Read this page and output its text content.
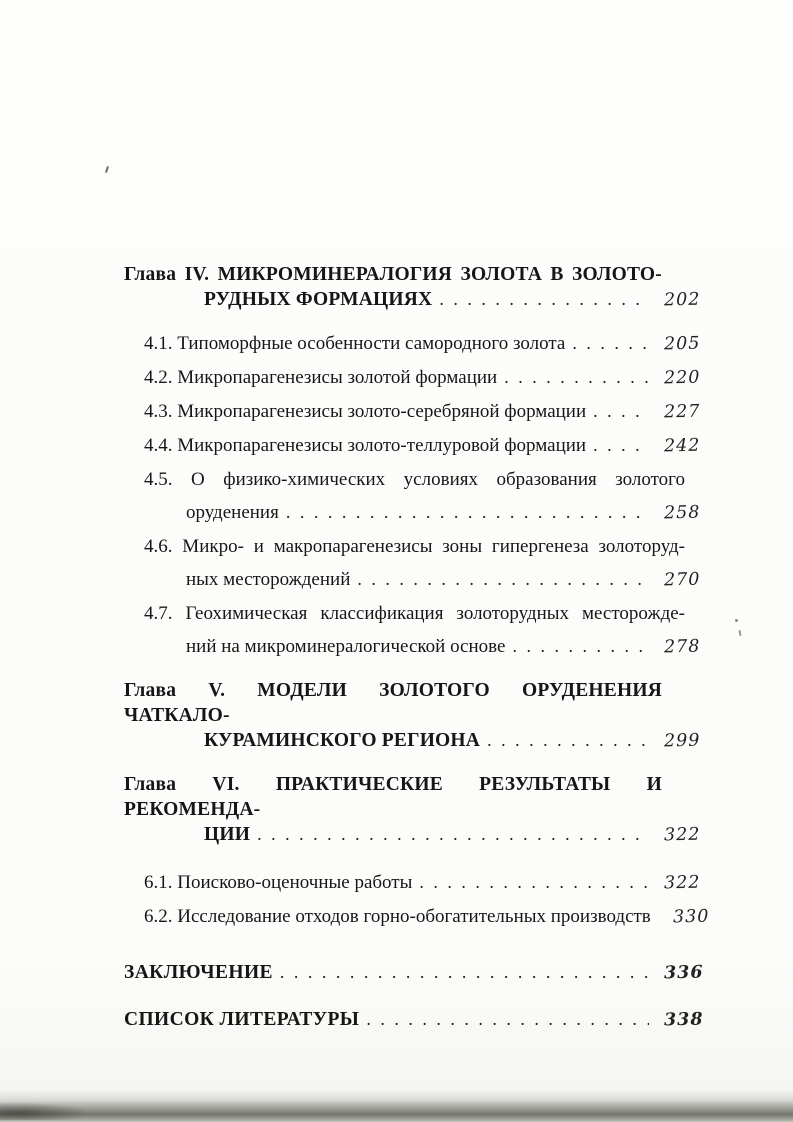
Глава IV. МИКРОМИНЕРАЛОГИЯ ЗОЛОТА В ЗОЛОТО-
РУДНЫХ ФОРМАЦИЯХ . . .	202
4.1. Типоморфные особенности самородного золота . . .	205
4.2. Микропарагенезисы золотой формации . . .	220
4.3. Микропарагенезисы золото-серебряной формации . . .	227
4.4. Микропарагенезисы золото-теллуровой формации . . .	242
4.5. О физико-химических условиях образования золотого
оруденения . . .	258
4.6. Микро- и макропарагенезисы зоны гипергенеза золоторуд-
ных месторождений . . .	270
4.7. Геохимическая классификация золоторудных месторожде-
ний на микроминералогической основе . . .	278
Глава V. МОДЕЛИ ЗОЛОТОГО ОРУДЕНЕНИЯ ЧАТКАЛО-
КУРАМИНСКОГО РЕГИОНА . . .	299
Глава VI. ПРАКТИЧЕСКИЕ РЕЗУЛЬТАТЫ И РЕКОМЕНДА-
ЦИИ . . .	322
6.1. Поисково-оценочные работы . . .	322
6.2. Исследование отходов горно-обогатительных производств	330
ЗАКЛЮЧЕНИЕ . . .	336
СПИСОК ЛИТЕРАТУРЫ . . .	338
